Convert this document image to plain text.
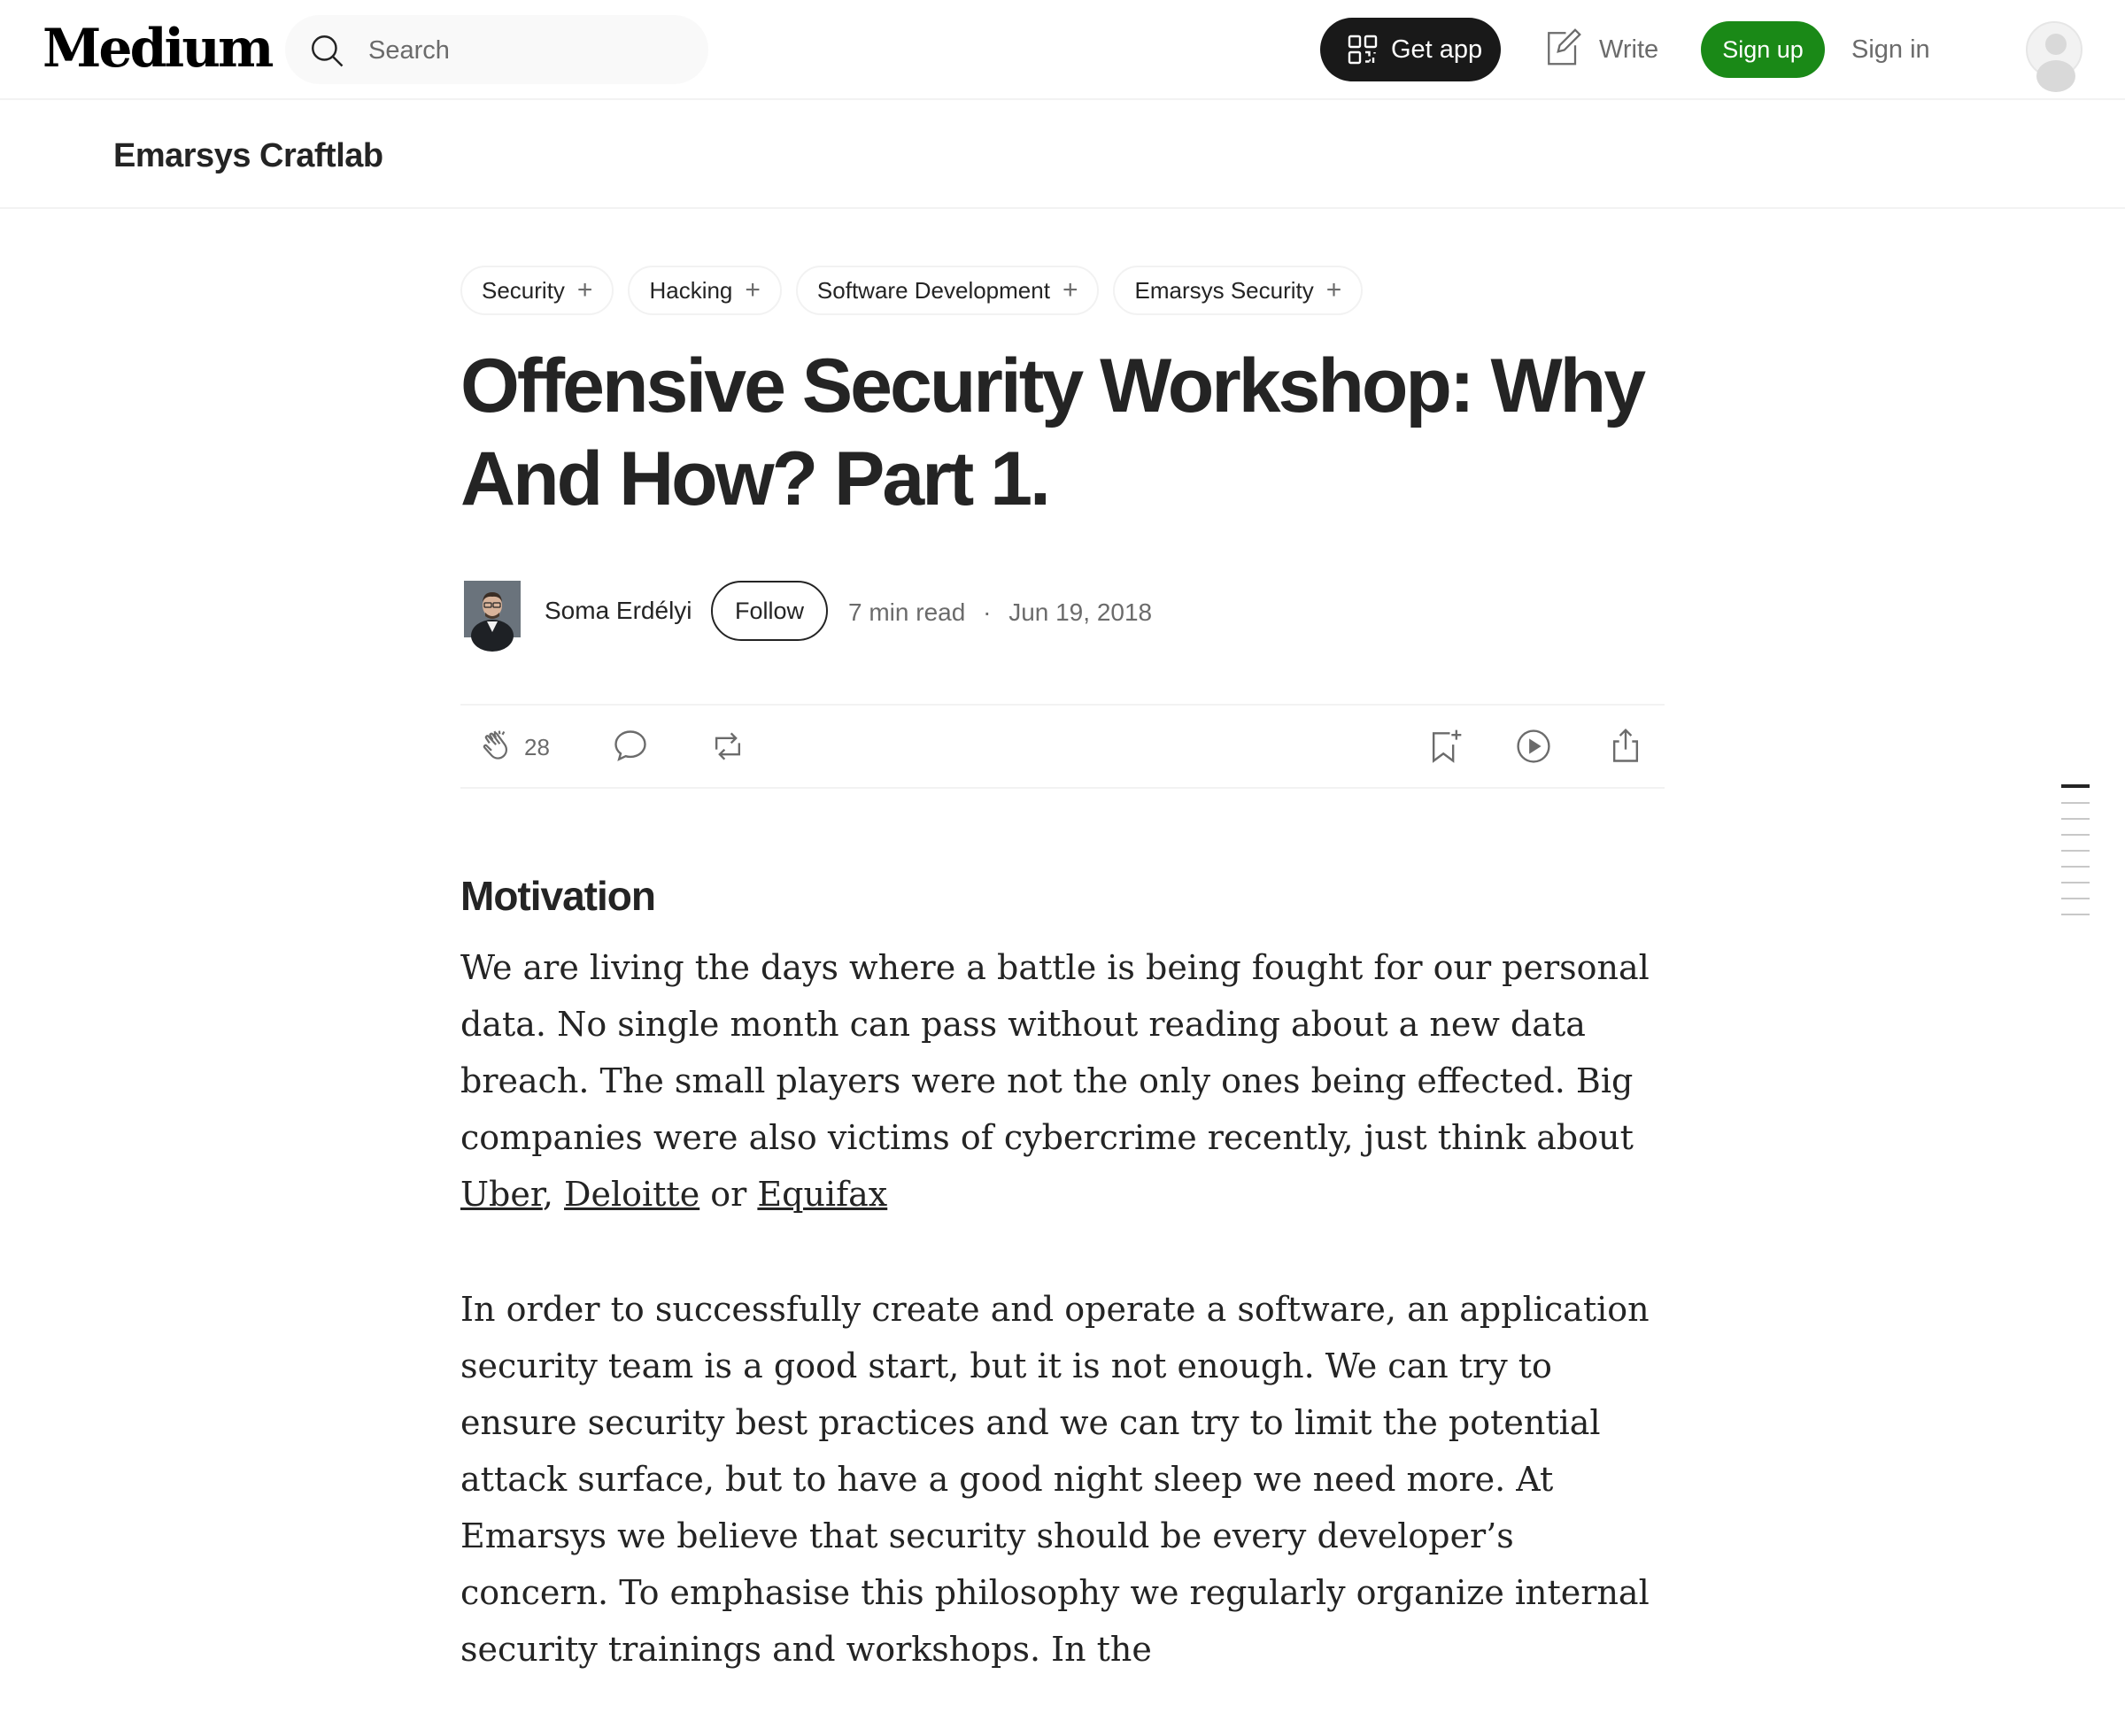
Medium	Search	Get app	Write	Sign up	Sign in
Emarsys Craftlab
Security + Hacking + Software Development + Emarsys Security +
Offensive Security Workshop: Why And How? Part 1.
Soma Erdélyi	Follow	7 min read · Jun 19, 2018
28
Motivation

We are living the days where a battle is being fought for our personal data. No single month can pass without reading about a new data breach. The small players were not the only ones being effected. Big companies were also victims of cybercrime recently, just think about Uber, Deloitte or Equifax

In order to successfully create and operate a software, an application security team is a good start, but it is not enough. We can try to ensure security best practices and we can try to limit the potential attack surface, but to have a good night sleep we need more. At Emarsys we believe that security should be every developer’s concern. To emphasise this philosophy we regularly organize internal security trainings and workshops. In the
